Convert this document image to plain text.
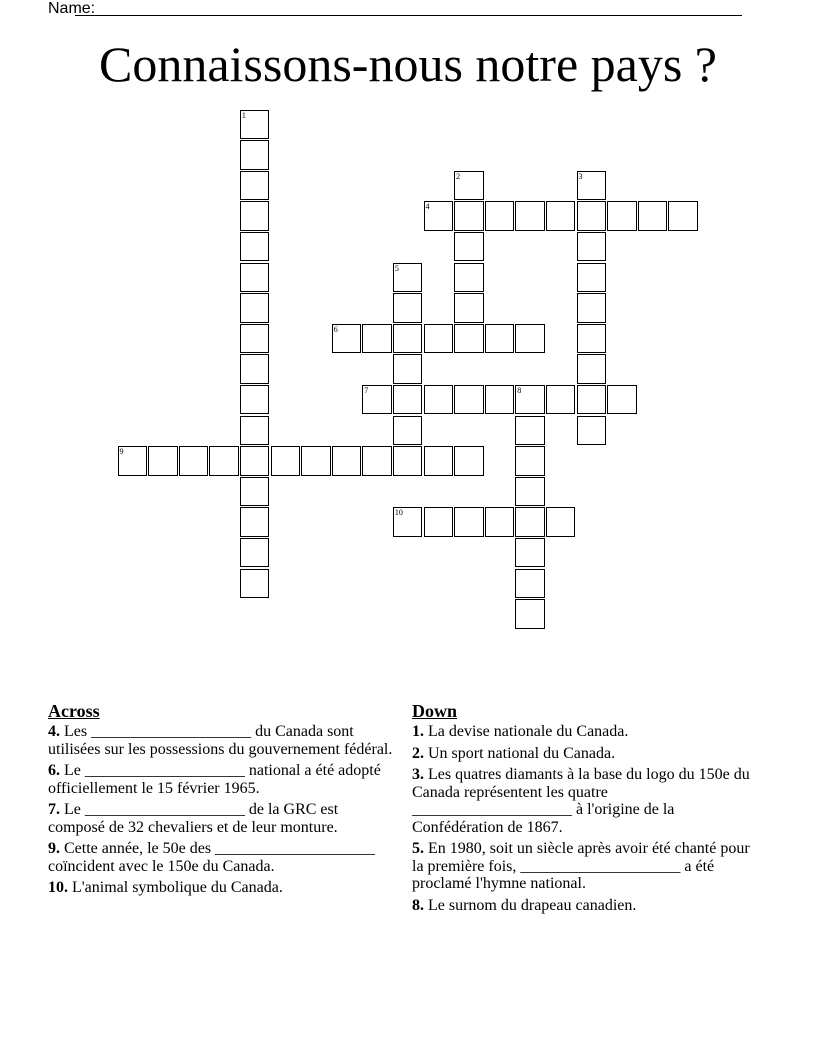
Name:
Connaissons-nous notre pays ?
1
2	3
4
5
6
7	8
9
10
Across
4. Les ____________________ du Canada sont utilisées sur les possessions du gouvernement fédéral.
6. Le ____________________ national a été adopté officiellement le 15 février 1965.
7. Le ____________________ de la GRC est composé de 32 chevaliers et de leur monture.
9. Cette année, le 50e des ____________________ coïncident avec le 150e du Canada.
10. L'animal symbolique du Canada.
Down
1. La devise nationale du Canada.
2. Un sport national du Canada.
3. Les quatres diamants à la base du logo du 150e du Canada représentent les quatre ____________________ à l'origine de la Confédération de 1867.
5. En 1980, soit un siècle après avoir été chanté pour la première fois, ____________________ a été proclamé l'hymne national.
8. Le surnom du drapeau canadien.
